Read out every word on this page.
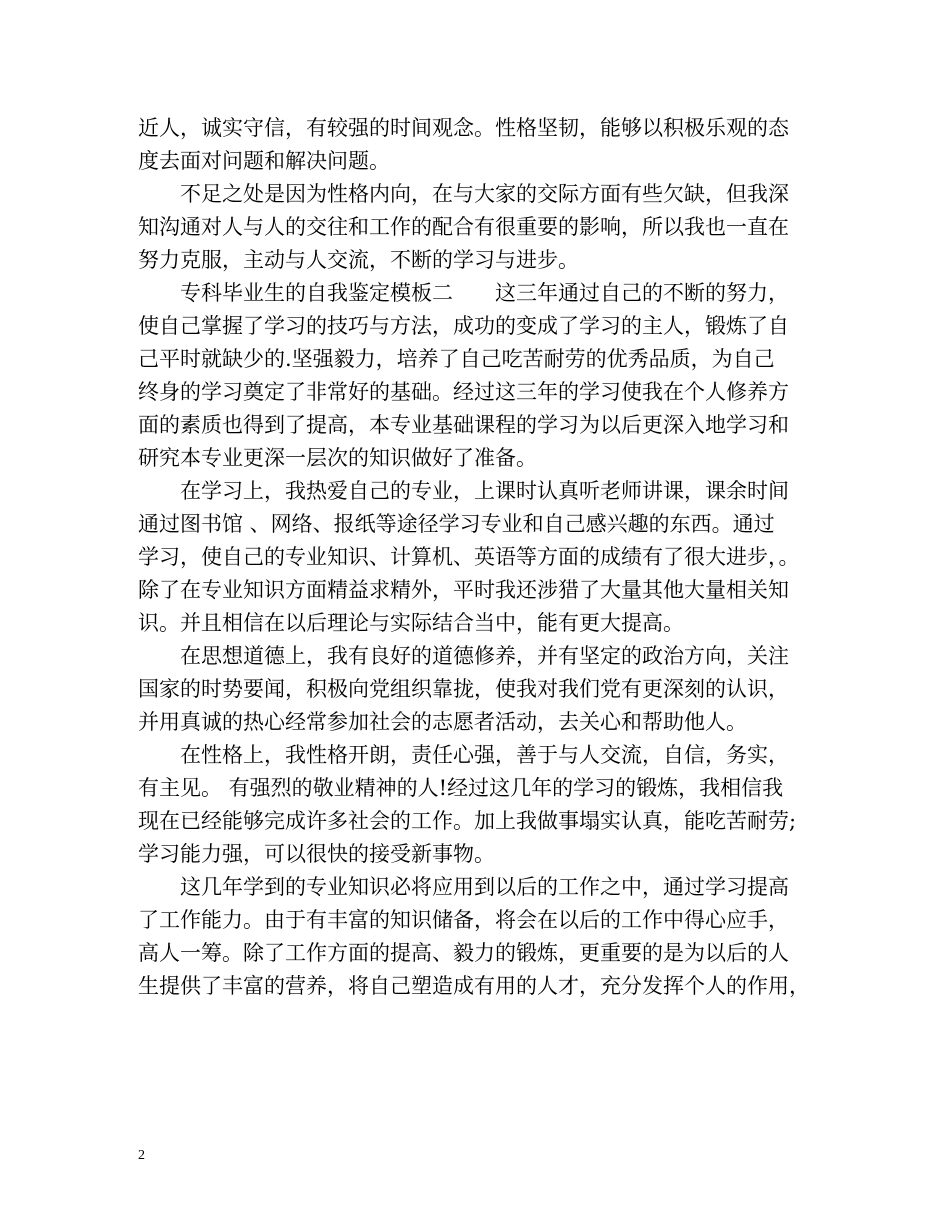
近人，诚实守信，有较强的时间观念。性格坚韧，能够以积极乐观的态

度去面对问题和解决问题。

　　不足之处是因为性格内向，在与大家的交际方面有些欠缺，但我深

知沟通对人与人的交往和工作的配合有很重要的影响，所以我也一直在

努力克服，主动与人交流，不断的学习与进步。

　　专科毕业生的自我鉴定模板二　　这三年通过自己的不断的努力，

使自己掌握了学习的技巧与方法，成功的变成了学习的主人，锻炼了自

己平时就缺少的.坚强毅力，培养了自己吃苦耐劳的优秀品质，为自己

终身的学习奠定了非常好的基础。经过这三年的学习使我在个人修养方

面的素质也得到了提高，本专业基础课程的学习为以后更深入地学习和

研究本专业更深一层次的知识做好了准备。

　　在学习上，我热爱自己的专业，上课时认真听老师讲课，课余时间

通过图书馆 、网络、报纸等途径学习专业和自己感兴趣的东西。通过

学习，使自己的专业知识、计算机、英语等方面的成绩有了很大进步，。

除了在专业知识方面精益求精外，平时我还涉猎了大量其他大量相关知

识。并且相信在以后理论与实际结合当中，能有更大提高。

　　在思想道德上，我有良好的道德修养，并有坚定的政治方向，关注

国家的时势要闻，积极向党组织靠拢，使我对我们党有更深刻的认识，

并用真诚的热心经常参加社会的志愿者活动，去关心和帮助他人。

　　在性格上，我性格开朗，责任心强，善于与人交流，自信，务实，

有主见。 有强烈的敬业精神的人!经过这几年的学习的锻炼，我相信我

现在已经能够完成许多社会的工作。加上我做事塌实认真，能吃苦耐劳;

学习能力强，可以很快的接受新事物。

　　这几年学到的专业知识必将应用到以后的工作之中，通过学习提高

了工作能力。由于有丰富的知识储备，将会在以后的工作中得心应手，

高人一筹。除了工作方面的提高、毅力的锻炼，更重要的是为以后的人

生提供了丰富的营养，将自己塑造成有用的人才，充分发挥个人的作用，

2
